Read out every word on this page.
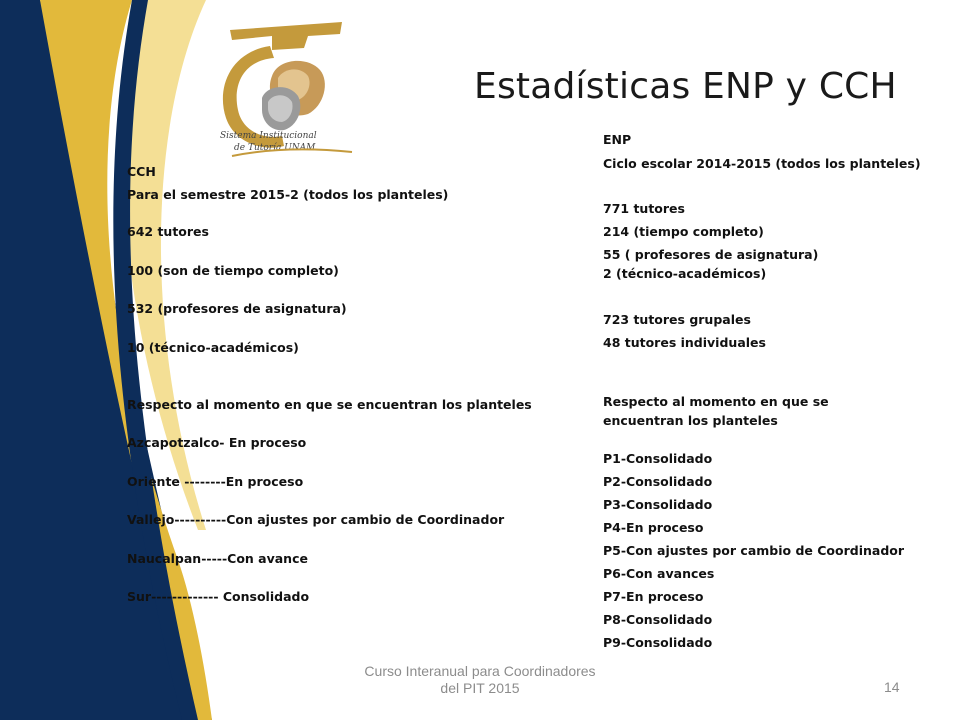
Sistema Institucional
de Tutoría UNAM
Estadísticas ENP y CCH
CCH
Para el semestre 2015-2 (todos los planteles)
642 tutores
100 (son de tiempo completo)
532 (profesores de asignatura)
10 (técnico-académicos)
Respecto al momento en que se encuentran los planteles
Azcapotzalco- En proceso
Oriente --------En proceso
Vallejo----------Con ajustes por cambio de Coordinador
Naucalpan-----Con avance
Sur------------- Consolidado
ENP
Ciclo escolar 2014-2015 (todos los planteles)
771 tutores
214 (tiempo completo)
55 ( profesores de asignatura)
2 (técnico-académicos)
723 tutores grupales
48 tutores individuales
Respecto al momento en que se encuentran los planteles
P1-Consolidado
P2-Consolidado
P3-Consolidado
P4-En proceso
P5-Con ajustes por cambio de Coordinador
P6-Con avances
P7-En proceso
P8-Consolidado
P9-Consolidado
Curso Interanual para Coordinadores
del PIT 2015	14
